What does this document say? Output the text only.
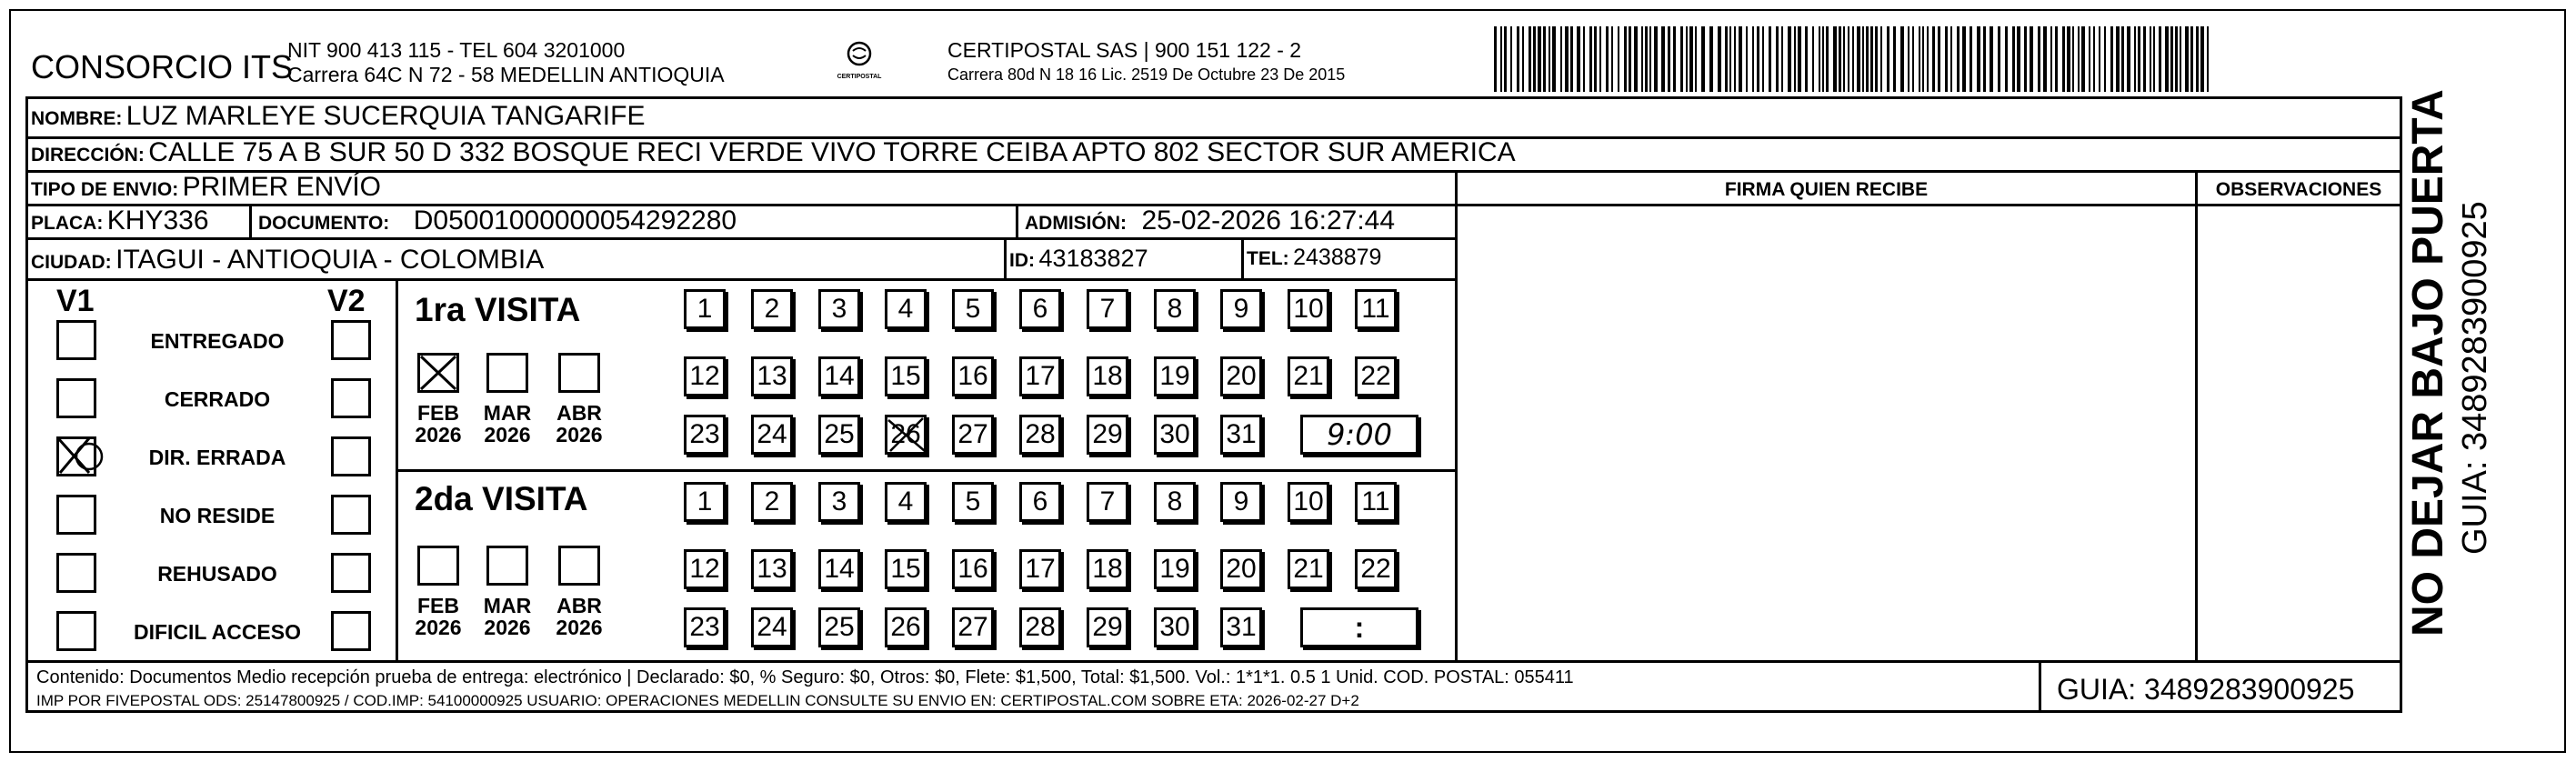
CONSORCIO ITS
NIT 900 413 115 - TEL 604 3201000
Carrera 64C N 72 - 58 MEDELLIN ANTIOQUIA	CERTIPOSTAL
CERTIPOSTAL SAS | 900 151 122 - 2
Carrera 80d N 18 16 Lic. 2519 De Octubre 23 De 2015
NOMBRE: LUZ MARLEYE SUCERQUIA TANGARIFE
DIRECCIÓN: CALLE 75 A B SUR 50 D 332 BOSQUE RECI VERDE VIVO TORRE CEIBA APTO 802 SECTOR SUR AMERICA
TIPO DE ENVIO: PRIMER ENVÍO	FIRMA QUIEN RECIBE	OBSERVACIONES
PLACA: KHY336	DOCUMENTO: D05001000000054292280	ADMISIÓN: 25-02-2026 16:27:44
CIUDAD: ITAGUI - ANTIOQUIA - COLOMBIA	ID: 43183827	TEL: 2438879
V1	V2
ENTREGADO
CERRADO
DIR. ERRADA
NO RESIDE
REHUSADO
DIFICIL ACCESO
1ra VISITA
2da VISITA
FEB
2026
MAR
2026
ABR
2026
FEB
2026
MAR
2026
ABR
2026
1 2 3 4 5 6 7 8 9 10 11
12 13 14 15 16 17 18 19 20 21 22
23 24 25 26 27 28 29 30 31
1 2 3 4 5 6 7 8 9 10 11
12 13 14 15 16 17 18 19 20 21 22
23 24 25 26 27 28 29 30 31
9:00
:
Contenido: Documentos Medio recepción prueba de entrega: electrónico | Declarado: $0, % Seguro: $0, Otros: $0, Flete: $1,500, Total: $1,500. Vol.: 1*1*1. 0.5 1 Unid. COD. POSTAL: 055411
IMP POR FIVEPOSTAL ODS: 25147800925 / COD.IMP: 54100000925 USUARIO: OPERACIONES MEDELLIN CONSULTE SU ENVIO EN: CERTIPOSTAL.COM SOBRE ETA: 2026-02-27 D+2	GUIA: 3489283900925
NO DEJAR BAJO PUERTA GUIA: 3489283900925
